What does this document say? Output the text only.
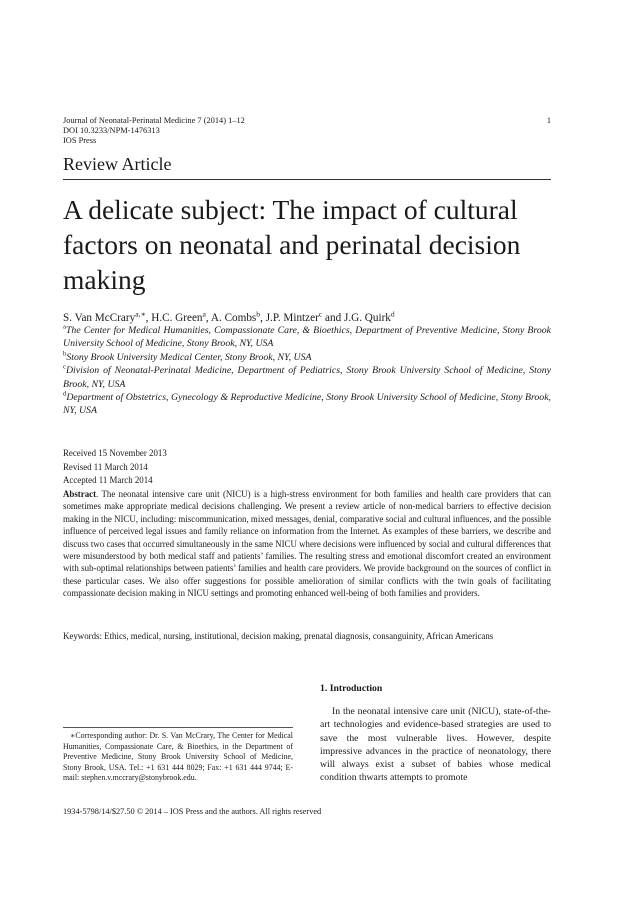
Journal of Neonatal-Perinatal Medicine 7 (2014) 1–12
DOI 10.3233/NPM-1476313
IOS Press
1
Review Article
A delicate subject: The impact of cultural factors on neonatal and perinatal decision making
S. Van McCrary$^{a,∗}$, H.C. Green$^a$, A. Combs$^b$, J.P. Mintzer$^c$ and J.G. Quirk$^d$

$^a$The Center for Medical Humanities, Compassionate Care, & Bioethics, Department of Preventive Medicine, Stony Brook University School of Medicine, Stony Brook, NY, USA

$^b$Stony Brook University Medical Center, Stony Brook, NY, USA

$^c$Division of Neonatal-Perinatal Medicine, Department of Pediatrics, Stony Brook University School of Medicine, Stony Brook, NY, USA

$^d$Department of Obstetrics, Gynecology & Reproductive Medicine, Stony Brook University School of Medicine, Stony Brook, NY, USA

Received 15 November 2013
Revised 11 March 2014
Accepted 11 March 2014
Abstract. The neonatal intensive care unit (NICU) is a high-stress environment for both families and health care providers that can sometimes make appropriate medical decisions challenging. We present a review article of non-medical barriers to effective decision making in the NICU, including: miscommunication, mixed messages, denial, comparative social and cultural influences, and the possible influence of perceived legal issues and family reliance on information from the Internet. As examples of these barriers, we describe and discuss two cases that occurred simultaneously in the same NICU where decisions were influenced by social and cultural differences that were misunderstood by both medical staff and patients’ families. The resulting stress and emotional discomfort created an environment with sub-optimal relationships between patients’ families and health care providers. We provide background on the sources of conflict in these particular cases. We also offer suggestions for possible amelioration of similar conflicts with the twin goals of facilitating compassionate decision making in NICU settings and promoting enhanced well-being of both families and providers.
Keywords: Ethics, medical, nursing, institutional, decision making, prenatal diagnosis, consanguinity, African Americans
1. Introduction
In the neonatal intensive care unit (NICU), state-of-the-art technologies and evidence-based strategies are used to save the most vulnerable lives. However, despite impressive advances in the practice of neonatology, there will always exist a subset of babies whose medical condition thwarts attempts to promote
∗Corresponding author: Dr. S. Van McCrary, The Center for Medical Humanities, Compassionate Care, & Bioethics, in the Department of Preventive Medicine, Stony Brook University School of Medicine, Stony Brook, USA. Tel.: +1 631 444 8029; Fax: +1 631 444 9744; E-mail: stephen.v.mccrary@stonybrook.edu.
1934-5798/14/$27.50 © 2014 – IOS Press and the authors. All rights reserved
